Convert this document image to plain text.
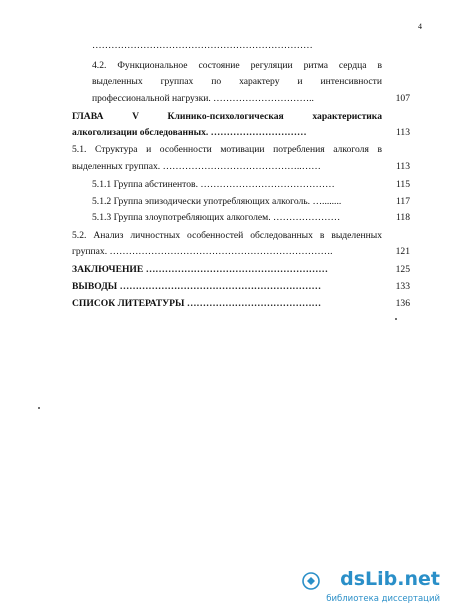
4
……………………………………………………………
4.2. Функциональное состояние регуляции ритма сердца в
выделенных группах по характеру и интенсивности
профессиональной нагрузки. …………………………..	107
ГЛАВА V Клинико-психологическая характеристика
алкоголизации обследованных. …………………………	113
5.1. Структура и особенности мотивации потребления алкоголя в
выделенных группах. ……………………………………..……	113
5.1.1 Группа абстинентов. ……………………………………	115
5.1.2 Группа эпизодически употребляющих алкоголь. …........	117
5.1.3 Группа злоупотребляющих алкоголем. …………………	118
5.2. Анализ личностных особенностей обследованных в выделенных
группах. …………………………………………………………….	121
ЗАКЛЮЧЕНИЕ …………………………………………………	125
ВЫВОДЫ ………………………………………………………	133
СПИСОК ЛИТЕРАТУРЫ ……………………………………	136
dsLib.net
библиотека диссертаций
